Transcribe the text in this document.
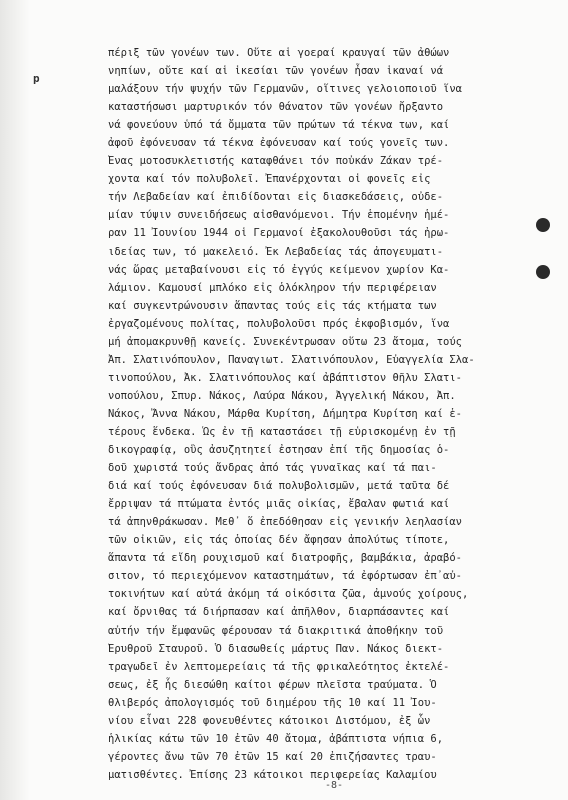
p
πέριξ τῶν γονέων των. Οὔτε αἱ γοεραί κραυγαί τῶν ἀθώων
νηπίων, οὔτε καί αἱ ἱκεσίαι τῶν γονέων ἦσαν ἱκαναί νά
μαλάξουν τήν ψυχήν τῶν Γερμανῶν, οἵτινες γελοιοποιοῦ ἵνα
καταστήσωσι μαρτυρικόν τόν θάνατον τῶν γονέων ἤρξαντο
νά φονεύουν ὑπό τά ὄμματα τῶν πρώτων τά τέκνα των, καί
ἀφοῦ ἐφόνευσαν τά τέκνα ἐφόνευσαν καί τούς γονεῖς των.
Ἕνας μοτοσυκλετιστής καταφθάνει τόν ποὐκάν Ζάκαν τρέ-
χοντα καί τόν πολυβολεῖ. Ἐπανέρχονται οἱ φονεῖς εἰς
τήν Λεβαδείαν καί ἐπιδίδονται εἰς διασκεδάσεις, οὐδε-
μίαν τύψιν συνειδήσεως αἰσθανόμενοι. Τήν ἑπομένην ἡμέ-
ραν 11 Ἰουνίου 1944 οἱ Γερμανοί ἐξακολουθοῦσι τάς ἠρω-
ιδείας των, τό μακελειό. Ἐκ Λεβαδείας τάς ἀπογευματι-
νάς ὥρας μεταβαίνουσι εἰς τό ἐγγύς κείμενον χωρίον Κα-
λάμιον. Καμουσί μπλόκο εἰς ὁλόκληρον τήν περιφέρειαν
καί συγκεντρώνουσιν ἅπαντας τούς εἰς τάς κτήματα των
ἐργαζομένους πολίτας, πολυβολοῦσι πρός ἐκφοβισμόν, ἵνα
μή ἀπομακρυνθῇ κανείς. Συνεκέντρωσαν οὕτω 23 ἄτομα, τούς
Ἀπ. Σλατινόπουλον, Παναγιωτ. Σλατινόπουλον, Εὐαγγελία Σλα-
τινοπούλου, Ἀκ. Σλατινόπουλος καί ἀβάπτιστον θῆλυ Σλατι-
νοπούλου, Σπυρ. Νάκος, Λαύρα Νάκου, Ἀγγελική Νάκου, Ἀπ.
Νάκος, Ἄννα Νάκου, Μάρθα Κυρίτση, Δήμητρα Κυρίτση καί ἑ-
τέρους ἕνδεκα. Ὡς ἐν τῇ καταστάσει τῇ εὑρισκομένῃ ἐν τῇ
δικογραφίᾳ, οὓς ἀσυζητητεί ἐστησαν ἐπί τῆς δημοσίας ὁ-
δοῦ χωριστά τούς ἄνδρας ἀπό τάς γυναῖκας καί τά παι-
διά καί τούς ἐφόνευσαν διά πολυβολισμῶν, μετά ταῦτα δέ
ἔρριψαν τά πτώματα ἐντός μιᾶς οἰκίας, ἔβαλαν φωτιά καί
τά ἀπηνθράκωσαν. Μεθ᾽ ὅ ἐπεδόθησαν εἰς γενικήν λεηλασίαν
τῶν οἰκιῶν, εἰς τάς ὁποίας δέν ἄφησαν ἀπολύτως τίποτε,
ἅπαντα τά εἴδη ρουχισμοῦ καί διατροφῆς, βαμβάκια, ἀραβό-
σιτον, τό περιεχόμενον καταστημάτων, τά ἐφόρτωσαν ἐπ᾽αὐ-
τοκινήτων καί αὐτά ἀκόμη τά οἰκόσιτα ζῶα, ἀμνούς χοίρους,
καί ὄρνιθας τά διήρπασαν καί ἀπῆλθον, διαρπάσαντες καί
αὐτήν τήν ἔμφανῶς φέρουσαν τά διακριτικά ἀποθήκην τοῦ
Ἐρυθροῦ Σταυροῦ. Ὁ διασωθείς μάρτυς Παν. Νάκος διεκτ-
τραγωδεῖ ἐν λεπτομερείαις τά τῆς φρικαλεότητος ἐκτελέ-
σεως, ἐξ ἧς διεσώθη καίτοι φέρων πλεῖστα τραύματα. Ὁ
θλιβερός ἀπολογισμός τοῦ διημέρου τῆς 10 καί 11 Ἰου-
νίου εἶναι 228 φονευθέντες κάτοικοι Διστόμου, ἐξ ὧν
ἡλικίας κάτω τῶν 10 ἐτῶν 40 ἄτομα, ἀβάπτιστα νήπια 6,
γέροντες ἄνω τῶν 70 ἐτῶν 15 καί 20 ἐπιζήσαντες τραυ-
ματισθέντες. Ἐπίσης 23 κάτοικοι περιφερείας Καλαμίου
-8-
